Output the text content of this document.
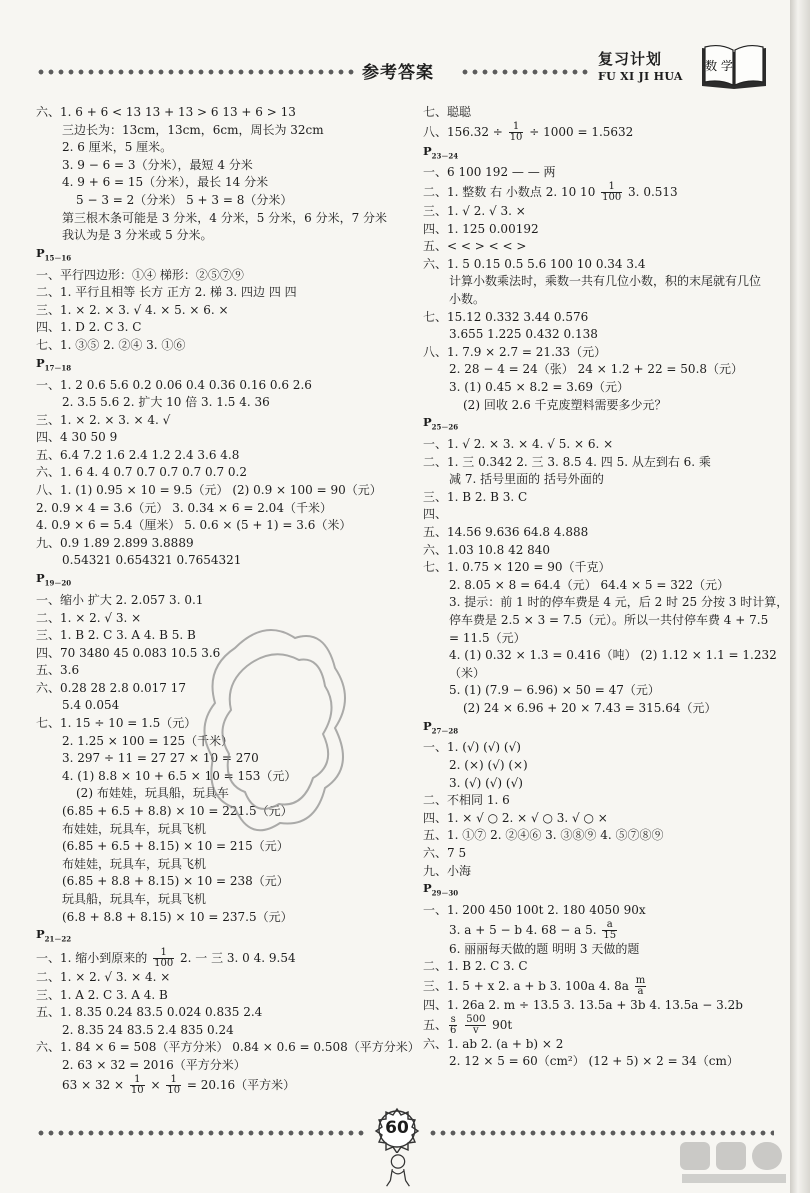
参考答案
复习计划
FU XI JI HUA
数 学
六、1. 6 + 6 < 13 13 + 13 > 6 13 + 6 > 13
三边长为：13cm，13cm，6cm，周长为 32cm
2. 6 厘米，5 厘米。
3. 9 − 6 = 3（分米），最短 4 分米
4. 9 + 6 = 15（分米），最长 14 分米
5 − 3 = 2（分米） 5 + 3 = 8（分米）
第三根木条可能是 3 分米，4 分米，5 分米，6 分米，7 分米
我认为是 3 分米或 5 分米。
$P_{15-16}$
一、平行四边形：①④ 梯形：②⑤⑦⑨
二、1. 平行且相等 长方 正方 2. 梯 3. 四边 四 四
三、1. × 2. × 3. √ 4. × 5. × 6. ×
四、1. D 2. C 3. C
七、1. ③⑤ 2. ②④ 3. ①⑥
$P_{17-18}$
一、1. 2 0.6 5.6 0.2 0.06 0.4 0.36 0.16 0.6 2.6
2. 3.5 5.6 2. 扩大 10 倍 3. 1.5 4. 36
三、1. × 2. × 3. × 4. √
四、4 30 50 9
五、6.4 7.2 1.6 2.4 1.2 2.4 3.6 4.8
六、1. 6 4. 4 0.7 0.7 0.7 0.7 0.7 0.2
八、1. (1) 0.95 × 10 = 9.5（元） (2) 0.9 × 100 = 90（元）
2. 0.9 × 4 = 3.6（元） 3. 0.34 × 6 = 2.04（千米）
4. 0.9 × 6 = 5.4（厘米） 5. 0.6 × (5 + 1) = 3.6（米）
九、0.9 1.89 2.899 3.8889
0.54321 0.654321 0.7654321
$P_{19-20}$
一、缩小 扩大 2. 2.057 3. 0.1
二、1. × 2. √ 3. ×
三、1. B 2. C 3. A 4. B 5. B
四、70 3480 45 0.083 10.5 3.6
五、3.6
六、0.28 28 2.8 0.017 17
5.4 0.054
七、1. 15 ÷ 10 = 1.5（元）
2. 1.25 × 100 = 125（千米）
3. 297 ÷ 11 = 27 27 × 10 = 270
4. (1) 8.8 × 10 + 6.5 × 10 = 153（元）
(2) 布娃娃，玩具船，玩具车
(6.85 + 6.5 + 8.8) × 10 = 221.5（元）
布娃娃，玩具车，玩具飞机
(6.85 + 6.5 + 8.15) × 10 = 215（元）
布娃娃，玩具车，玩具飞机
(6.85 + 8.8 + 8.15) × 10 = 238（元）
玩具船，玩具车，玩具飞机
(6.8 + 8.8 + 8.15) × 10 = 237.5（元）
$P_{21-22}$
一、1. 缩小到原来的 $\frac{1}{100} 2$. 一 三 3. 0 4. 9.54
二、1. × 2. √ 3. × 4. ×
三、1. A 2. C 3. A 4. B
五、1. 8.35 0.24 83.5 0.024 0.835 2.4
2. 8.35 24 83.5 2.4 835 0.24
六、1. 84 × 6 = 508（平方分米） 0.84 × 0.6 = 0.508（平方分米）
2. 63 × 32 = 2016（平方分米）
$63 \times 32 \times \frac{1}{10} \times \frac{1}{10} = 20.16$（平方米）
七、聪聪
八、$156.32 \div \frac{1}{10} \div 1000 = 1.5632$
$P_{23-24}$
一、6 100 192 — — 两
二、1. 整数 右 小数点 2. 10 $10 \frac{1}{100} 3$. 0.513
三、1. √ 2. √ 3. ×
四、1. 125 0.00192
五、< < > < < >
六、1. 5 0.15 0.5 5.6 100 10 0.34 3.4
计算小数乘法时，乘数一共有几位小数，积的末尾就有几位
小数。
七、15.12 0.332 3.44 0.576
3.655 1.225 0.432 0.138
八、1. 7.9 × 2.7 = 21.33（元）
2. 28 − 4 = 24（张） 24 × 1.2 + 22 = 50.8（元）
3. (1) 0.45 × 8.2 = 3.69（元）
(2) 回收 2.6 千克废塑料需要多少元？
$P_{25-26}$
一、1. √ 2. × 3. × 4. √ 5. × 6. ×
二、1. 三 0.342 2. 三 3. 8.5 4. 四 5. 从左到右 6. 乘
减 7. 括号里面的 括号外面的
三、1. B 2. B 3. C
四、
五、14.56 9.636 64.8 4.888
六、1.03 10.8 42 840
七、1. 0.75 × 120 = 90（千克）
2. 8.05 × 8 = 64.4（元） 64.4 × 5 = 322（元）
3. 提示：前 1 时的停车费是 4 元，后 2 时 25 分按 3 时计算，
停车费是 2.5 × 3 = 7.5（元）。所以一共付停车费 4 + 7.5
= 11.5（元）
4. (1) 0.32 × 1.3 = 0.416（吨） (2) 1.12 × 1.1 = 1.232
（米）
5. (1) (7.9 − 6.96) × 50 = 47（元）
(2) 24 × 6.96 + 20 × 7.43 = 315.64（元）
$P_{27-28}$
一、1. (√) (√) (√)
2. (×) (√) (×)
3. (√) (√) (√)
二、不相同 1. 6
四、1. × √ ○ 2. × √ ○ 3. √ ○ ×
五、1. ①⑦ 2. ②④⑥ 3. ③⑧⑨ 4. ⑤⑦⑧⑨
六、7 5
九、小海
$P_{29-30}$
一、1. 200 450 100t 2. 180 4050 90x
3. a + 5 − b 4. 68 − a 5. $\frac{a}{15}$
6. 丽丽每天做的题 明明 3 天做的题
二、1. B 2. C 3. C
三、1. 5 + x 2. a + b 3. 100a 4. $8a \frac{m}{a}$
四、1. 26a 2. m ÷ 13.5 3. 13.5a + 3b 4. 13.5a − 3.2b
五、 $\frac{s}{6}$
$\frac{500}{v} 90t$
六、1. ab 2. (a + b) × 2
2. 12 × 5 = 60（cm²） (12 + 5) × 2 = 34（cm）
60
